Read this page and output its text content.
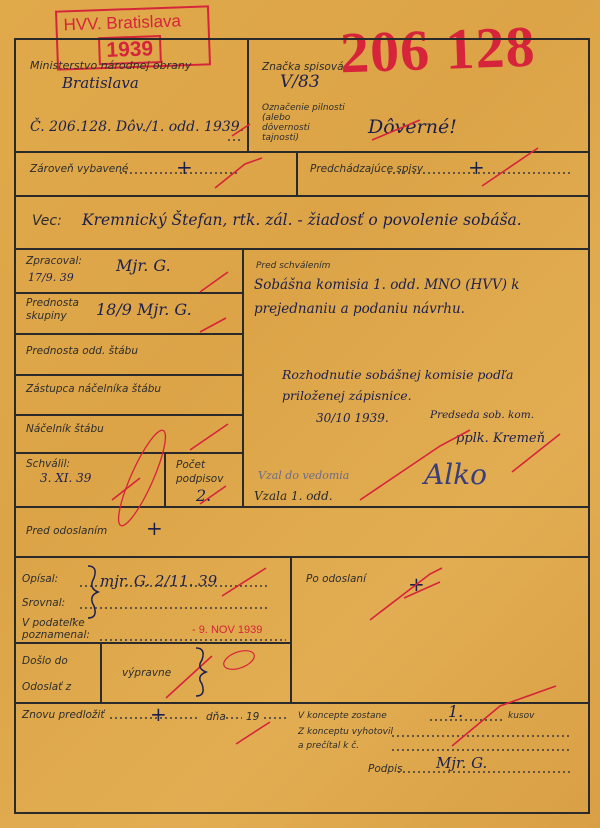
HVV. Bratislava
1939	206 128
Ministerstvo národnej obrany
Bratislava
Značka spisová
V/83
Označenie pilnosti
(alebo
dôvernosti
tajnosti)	Dôverné!
Č. 206.128. Dôv./1. odd. 1939.
Zároveň vybavené +	Predchádzajúce spisy +
Vec: Kremnický Štefan, rtk. zál. - žiadosť o povolenie sobáša.
Zpracoval:
17/9. 39
Mjr. G.
Prednosta
skupiny 18/9 Mjr. G.
Prednosta odd. štábu
Zástupca náčelníka štábu
Náčelník štábu
Schválil:
3. XI. 39
Počet
podpisov
2.
Pred schválením
Sobášna komisia 1. odd. MNO (HVV) k prejednaniu a podaniu návrhu.
Rozhodnutie sobášnej komisie podľa priloženej zápisnice.
30/10 1939.	Predseda sob. kom.
pplk. Kremeň
Vzal do vedomia
Vzala 1. odd.
Alko
Pred odoslaním +
Opísal:	mjr. G. 2/11. 39
Srovnal:
V podateľke
poznamenal:	- 9. NOV 1939
Došlo do
Odoslať z
výpravne
Po odoslaní +
Znovu predložiť +	dňa 19	V koncepte zostane	1.	kusov
Z konceptu vyhotovil
a prečítal k č.
Podpis Mjr. G.
